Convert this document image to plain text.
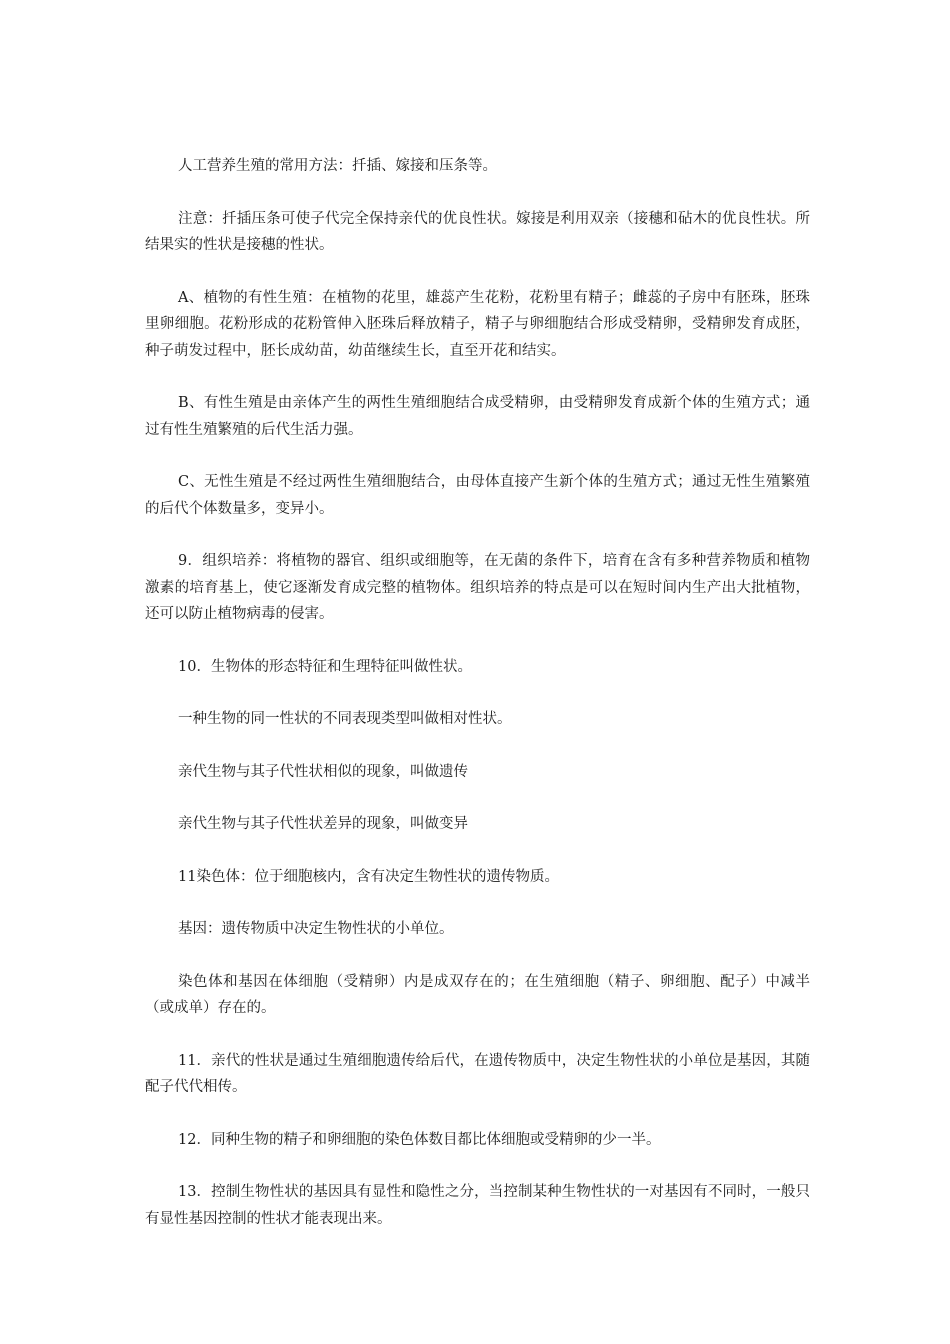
人工营养生殖的常用方法：扦插、嫁接和压条等。

注意：扦插压条可使子代完全保持亲代的优良性状。嫁接是利用双亲（接穗和砧木的优良性状。所结果实的性状是接穗的性状。

A、植物的有性生殖：在植物的花里，雄蕊产生花粉，花粉里有精子；雌蕊的子房中有胚珠，胚珠里卵细胞。花粉形成的花粉管伸入胚珠后释放精子，精子与卵细胞结合形成受精卵，受精卵发育成胚，种子萌发过程中，胚长成幼苗，幼苗继续生长，直至开花和结实。

B、有性生殖是由亲体产生的两性生殖细胞结合成受精卵，由受精卵发育成新个体的生殖方式；通过有性生殖繁殖的后代生活力强。

C、无性生殖是不经过两性生殖细胞结合，由母体直接产生新个体的生殖方式；通过无性生殖繁殖的后代个体数量多，变异小。

9．组织培养：将植物的器官、组织或细胞等，在无菌的条件下，培育在含有多种营养物质和植物激素的培育基上，使它逐渐发育成完整的植物体。组织培养的特点是可以在短时间内生产出大批植物，还可以防止植物病毒的侵害。

10．生物体的形态特征和生理特征叫做性状。

一种生物的同一性状的不同表现类型叫做相对性状。

亲代生物与其子代性状相似的现象，叫做遗传

亲代生物与其子代性状差异的现象，叫做变异

11染色体：位于细胞核内，含有决定生物性状的遗传物质。

基因：遗传物质中决定生物性状的小单位。

染色体和基因在体细胞（受精卵）内是成双存在的；在生殖细胞（精子、卵细胞、配子）中减半（或成单）存在的。

11．亲代的性状是通过生殖细胞遗传给后代，在遗传物质中，决定生物性状的小单位是基因，其随配子代代相传。

12．同种生物的精子和卵细胞的染色体数目都比体细胞或受精卵的少一半。

13．控制生物性状的基因具有显性和隐性之分，当控制某种生物性状的一对基因有不同时，一般只有显性基因控制的性状才能表现出来。
